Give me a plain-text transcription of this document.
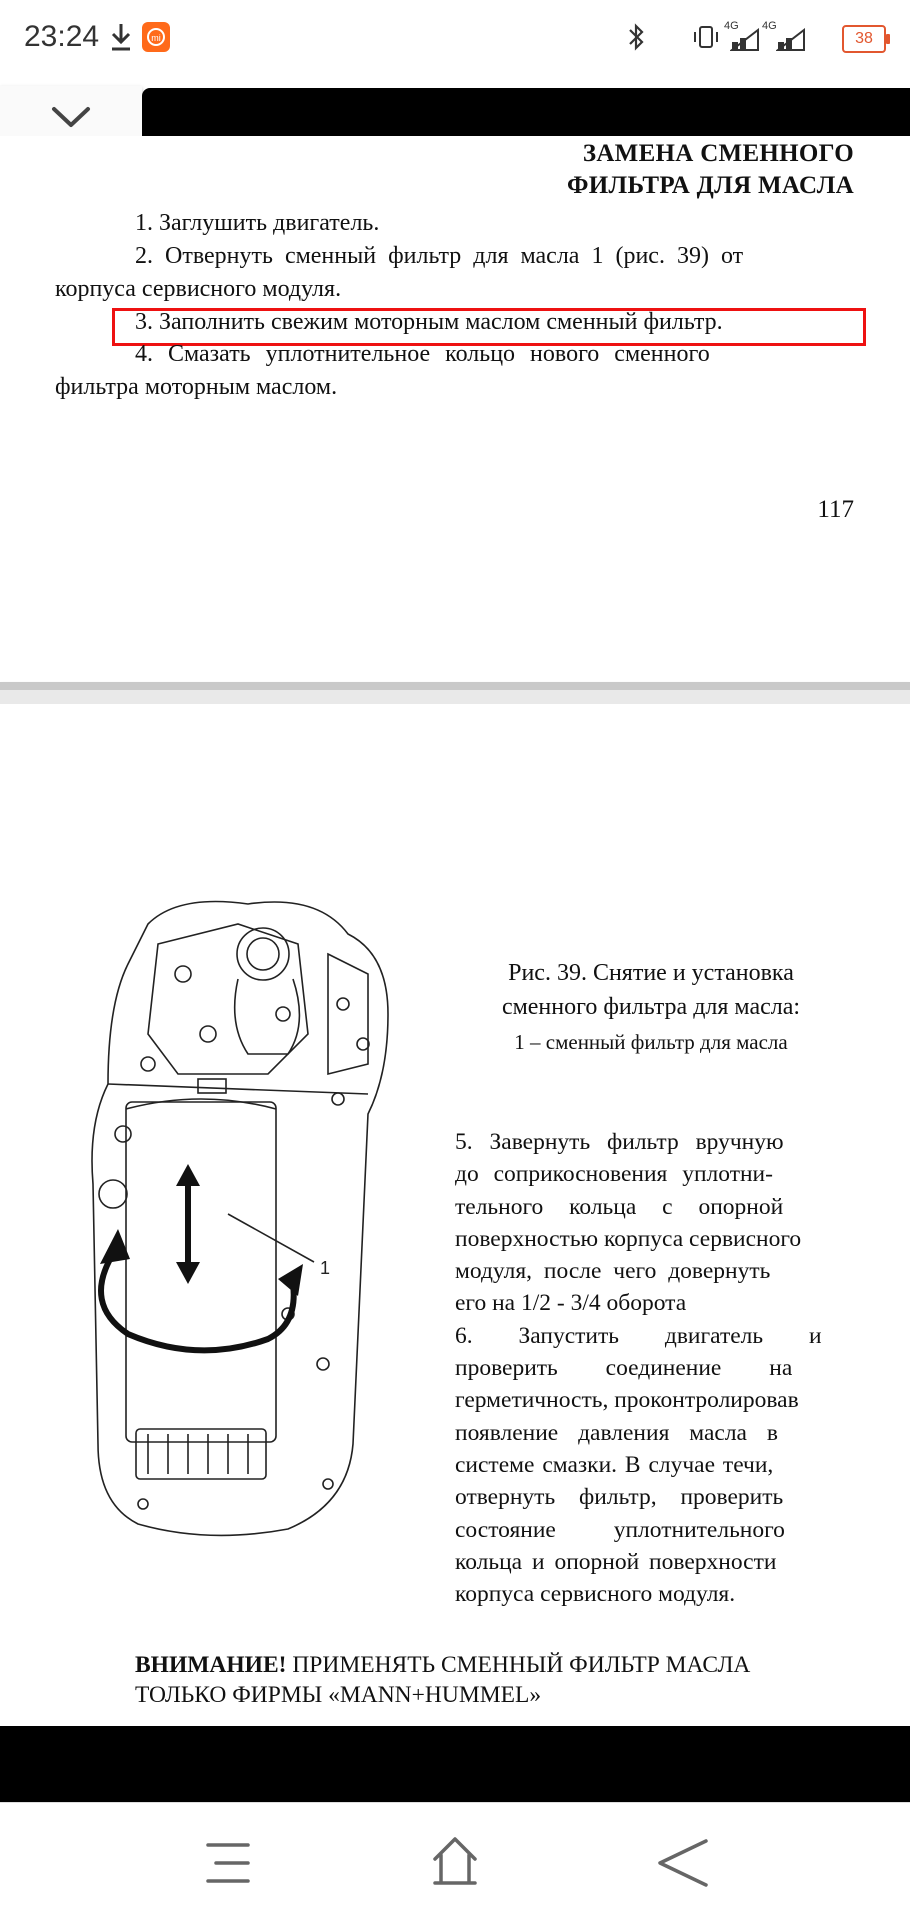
23:24	mi
4G 4G
38
ЗАМЕНА СМЕННОГО
ФИЛЬТРА ДЛЯ МАСЛА
1. Заглушить двигатель.
2. Отвернуть сменный фильтр для масла 1 (рис. 39) от
корпуса сервисного модуля.
3. Заполнить свежим моторным маслом сменный фильтр.
4. Смазать уплотнительное кольцо нового сменного
фильтра моторным маслом.
117
1
Рис. 39. Снятие и установка
сменного фильтра для масла:
1 – сменный фильтр для масла
5. Завернуть фильтр вручную
до соприкосновения уплотни-
тельного кольца с опорной
поверхностью корпуса сервисного
модуля, после чего довернуть
его на 1/2 - 3/4 оборота
6. Запустить двигатель и
проверить соединение на
герметичность, проконтролировав
появление давления масла в
системе смазки. В случае течи,
отвернуть фильтр, проверить
состояние уплотнительного
кольца и опорной поверхности
корпуса сервисного модуля.
ВНИМАНИЕ! ПРИМЕНЯТЬ СМЕННЫЙ ФИЛЬТР МАСЛА
ТОЛЬКО ФИРМЫ «MANN+HUMMEL»
